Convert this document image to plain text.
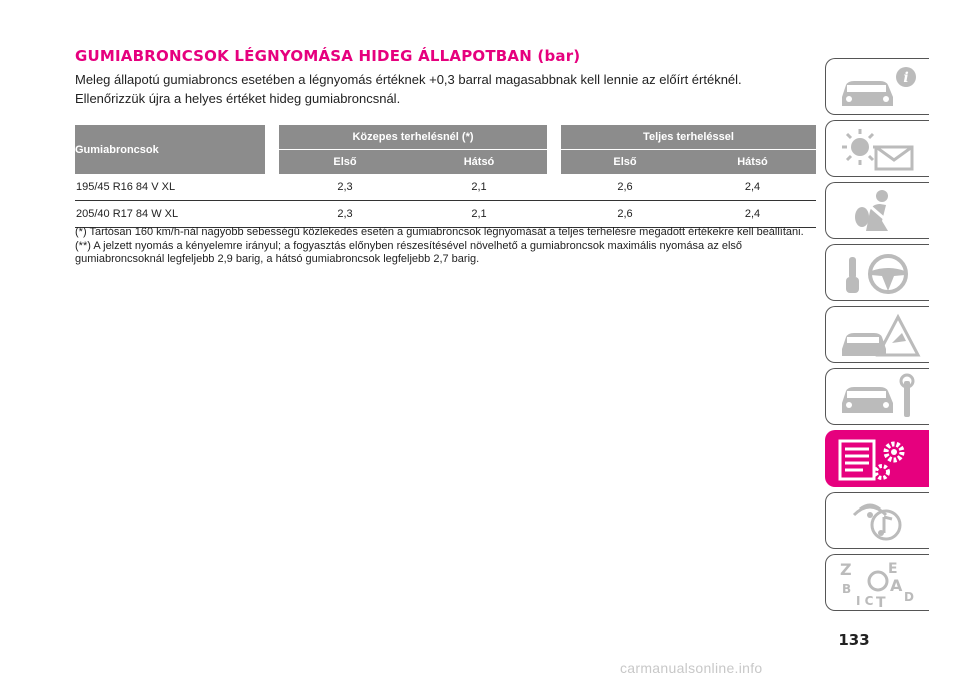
GUMIABRONCSOK LÉGNYOMÁSA HIDEG ÁLLAPOTBAN (bar)

Meleg állapotú gumiabroncs esetében a légnyomás értéknek +0,3 barral magasabbnak kell lennie az előírt értéknél.

Ellenőrizzük újra a helyes értéket hideg gumiabroncsnál.

Gumiabroncsok		Közepes terhelésnél (*)			Teljes terheléssel	
		Első	Hátsó		Első	Hátsó
195/45 R16 84 V XL		2,3	2,1		2,6	2,4
205/40 R17 84 W XL		2,3	2,1		2,6	2,4

(*) Tartósan 160 km/h-nál nagyobb sebességű közlekedés esetén a gumiabroncsok légnyomását a teljes terhelésre megadott értékekre kell beállítani.

(**) A jelzett nyomás a kényelemre irányul; a fogyasztás előnyben részesítésével növelhető a gumiabroncsok maximális nyomása az első gumiabroncsoknál legfeljebb 2,9 barig, a hátsó gumiabroncsok legfeljebb 2,7 barig.

i
Z	E
B A
I C T D
133
carmanualsonline.info
